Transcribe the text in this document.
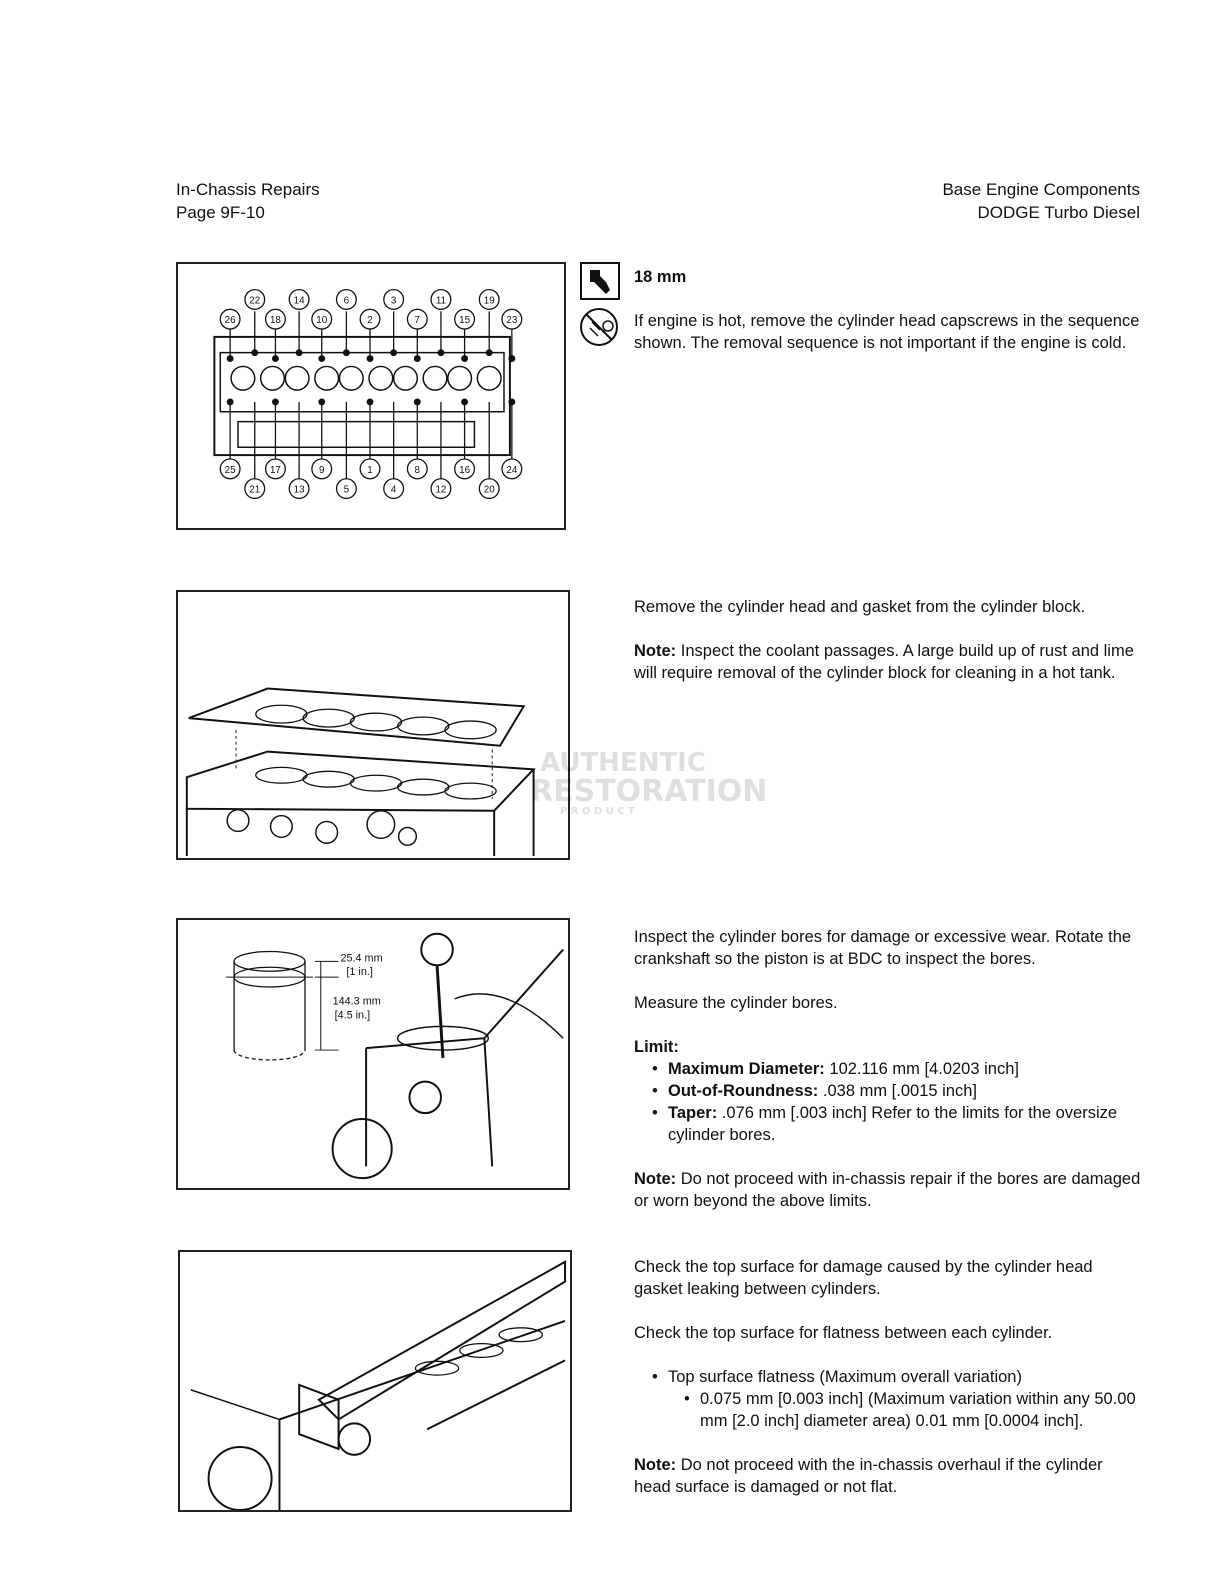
In-Chassis Repairs
Page 9F-10
Base Engine Components
DODGE Turbo Diesel
22	14	6	3	11	19
26	18	10	2	7	15	23
25	17	9	1	8	16	24
21	13	5	4	12	20

18 mm

If engine is hot, remove the cylinder head capscrews in the sequence shown. The removal sequence is not important if the engine is cold.

Remove the cylinder head and gasket from the cylinder block.

Note: Inspect the coolant passages. A large build up of rust and lime will require removal of the cylinder block for cleaning in a hot tank.

AUTHENTIC
RESTORATION
P R O D U C T
25.4 mm
[1 in.]
144.3 mm
[4.5 in.]

Inspect the cylinder bores for damage or excessive wear. Rotate the crankshaft so the piston is at BDC to inspect the bores.

Measure the cylinder bores.

Limit:
• Maximum Diameter: 102.116 mm [4.0203 inch]
• Out-of-Roundness: .038 mm [.0015 inch]
• Taper: .076 mm [.003 inch] Refer to the limits for the oversize cylinder bores.

Note: Do not proceed with in-chassis repair if the bores are damaged or worn beyond the above limits.

Check the top surface for damage caused by the cylinder head gasket leaking between cylinders.

Check the top surface for flatness between each cylinder.

• Top surface flatness (Maximum overall variation)
• 0.075 mm [0.003 inch] (Maximum variation within any 50.00 mm [2.0 inch] diameter area) 0.01 mm [0.0004 inch].

Note: Do not proceed with the in-chassis overhaul if the cylinder head surface is damaged or not flat.
